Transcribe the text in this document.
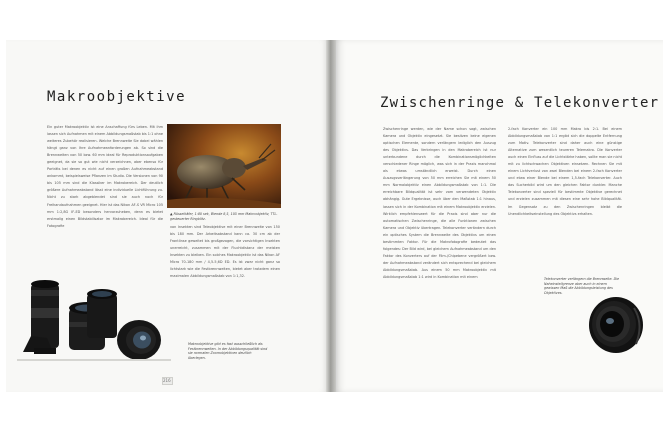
Makroobjektive

Ein guter Makroobjektiv ist eine Anschaffung fürs Leben. Mit ihm lassen sich Aufnahmen mit einem Abbildungsmaßstab bis 1:1 ohne weiteres Zubehör realisieren. Welche Brennweite Sie dabei wählen hängt ganz von Ihre Aufnahmeanforderungen ab. So sind die Brennweiten von 50 bzw. 60 mm ideal für Reproduktionsaufgaben geeignet, da sie so gut wie nicht verzeichnen, aber ebenso für Porträts bei denen es nicht auf einen großen Aufnahmeabstand ankommt, beispielsweise Pflanzen im Studio. Die Versionen von 90 bis 105 mm sind die Klassiker im Makrobereich. Der deutlich größere Aufnahmeabstand lässt eine individuelle Lichtführung zu. Nicht zu stark abgeblendet sind sie auch noch für Freihandaufnahmen geeignet. Hier ist das Nikon AF-S VR Micro 105 mm 1:2,8G IF-ED besonders hervorzuheben, denn es bietet erstmalig einen Bildstabilisator im Makrobereich. Ideal für die Fotografie

▲ Rüsselkäfer, 1:80 sek, Blende 8,5, 105 mm Makroobjektiv, TTL-gesteuerter Ringblitz.

von Insekten sind Teleobjektive mit einer Brennweite von 150 bis 180 mm. Der Arbeitsabstand kann ca. 30 cm ab der Frontlinse geweitet bis großgezogen, die vorsichtigen Insekten unerreicht, zusammen mit der Fluchtdistanz der meisten Insekten zu bleiben. Ein solches Makroobjektiv ist das Nikon AF Micro 70-180 mm / 4,5-5,6D ED. Es ist zwar nicht ganz so lichtstark wie die Festbrennweiten, bietet aber trotzdem einen maximalen Abbildungsmaßstab von 1:1,32.

Makroobjektive gibt es fast ausschließlich als Festbrennweiten. In der Abbildungsqualität sind sie normalen Zoomobjektiven deutlich überlegen.
216
Zwischenringe & Telekonverter

Zwischenringe werden, wie der Name schon sagt, zwischen Kamera und Objektiv eingesetzt. Sie besitzen keine eigenen optischen Elemente, sondern verlängern lediglich den Auszug des Objektivs. Das Verbringen in den Makrobereich ist nur unterbundene durch die Kombinationsmöglichkeiten verschiedener Ringe möglich, was sich in der Praxis manchmal als etwas umständlich erweist. Durch einen Auszugsverlängerung von 50 mm erreichen Sie mit einem 50 mm Normalobjektiv einen Abbildungsmaßstab von 1:1. Die erreichbare Bildqualität ist sehr vom verwendeten Objektiv abhängig. Gute Ergebnisse, auch über den Maßstab 1:1 hinaus, lassen sich in der Kombination mit einem Makroobjektiv erzielen. Wirklich empfehlenswert für die Praxis sind aber nur die automatischen Zwischenringe, die alle Funktionen zwischen Kamera und Objektiv übertragen. Telekonverter verändern durch ein optisches System die Brennweite des Objektivs um einen bestimmten Faktor. Für die Makrofotografie bedeutet das folgendes: Der Bild wird, bei gleichem Aufnahmeabstand um den Faktor des Konverters auf der Film-/Chipebene vergrößert bzw. der Aufnahmeabstand verändert sich entsprechend bei gleichem Abbildungsmaßstab. Aus einem 50 mm Makroobjektiv mit Abbildungsmaßstab 1:1 wird in Kombination mit einem

2-fach Konverter ein 100 mm Makro bis 2:1. Bei einem Abbildungsmaßstab von 1:1 ergibt sich die doppelte Entfernung zum Motiv. Telekonverter sind daher auch eine günstige Alternative zum wesentlich teureren Telemakro. Die Konverter auch einen Einfluss auf die Lichtstärke haben, sollte man sie nicht mit zu lichtschwachen Objektiven einsetzen. Rechnen Sie mit einem Lichtverlust von zwei Blenden bei einem 2-fach Konverter und etwa einer Blende bei einem 1,5-fach Telekonverter. Auch das Sucherbild wird um den gleichen Faktor dunkler. Manche Telekonverter sind speziell für bestimmte Objektive gerechnet und erzielen zusammen mit diesen eine sehr hohe Bildqualität. Im Gegensatz zu den Zwischenringen bleibt die Unendlichkeitseinstellung des Objektivs erhalten.

Telekonverter verlängern die Brennweite. Die Naheinstellgrenze aber auch in einem gewissen Maß die Abbildungsleistung des Objektives.
